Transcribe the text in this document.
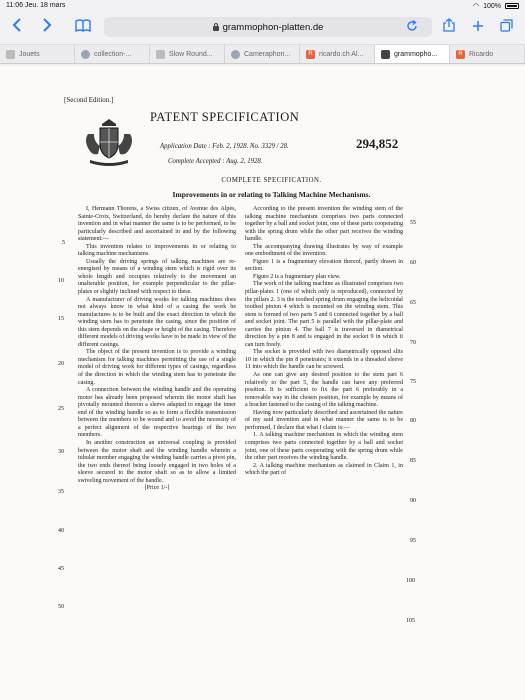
11:06 Jeu. 18 mars	◠ 100%
grammophon-platten.de
Jouets	collection-...	Slow Round...	Cameraphon...	R ricardo.ch Al...	grammopho...	R Ricardo
[Second Edition.]
PATENT SPECIFICATION
Application Date : Feb. 2, 1928. No. 3329 / 28.
Complete Accepted : Aug. 2, 1928.
294,852
COMPLETE SPECIFICATION.
Improvements in or relating to Talking Machine Mechanisms.

I, Hermann Thorens, a Swiss citizen, of Avenue des Alpes, Sainte-Croix, Switzerland, do hereby declare the nature of this invention and in what manner the same is to be performed, to be particularly described and ascertained in and by the following statement:—

This invention relates to improvements in or relating to talking machine mechanisms.

Usually the driving springs of talking machines are re-energised by means of a winding stem which is rigid over its whole length and occupies relatively to the movement an unalterable position, for example perpendicular to the pillar-plates or slightly inclined with respect to these.

A manufacturer of driving works for talking machines does not always know in what kind of a casing the work he manufactures is to be built and the exact direction in which the winding stem has to penetrate the casing, since the position of this stem depends on the shape or height of the casing. Therefore different models of driving works have to be made in view of the different casings.

The object of the present invention is to provide a winding mechanism for talking machines permitting the use of a single model of driving work for different types of casings, regardless of the direction in which the winding stem has to penetrate the casing.

A connection between the winding handle and the operating motor has already been proposed wherein the motor shaft has pivotally mounted thereon a sleeve adapted to engage the inner end of the winding handle so as to form a flexible transmission between the members to be wound and to avoid the necessity of a perfect alignment of the respective bearings of the two members.

In another construction an universal coupling is provided between the motor shaft and the winding handle wherein a tubular member engaging the winding handle carries a pivot pin, the two ends thereof being loosely engaged in two holes of a sleeve secured to the motor shaft so as to allow a limited swiveling movement of the handle.

[Price 1/-]

According to the present invention the winding stem of the talking machine mechanism comprises two parts connected together by a ball and socket joint, one of these parts cooperating with the spring drum while the other part receives the winding handle.

The accompanying drawing illustrates by way of example one embodiment of the invention.

Figure 1 is a fragmentary elevation thereof, partly drawn in section.

Figure 2 is a fragmentary plan view.

The work of the talking machine as illustrated comprises two pillar-plates 1 (one of which only is reproduced), connected by the pillars 2. 3 is the toothed spring drum engaging the helicoidal toothed pinion 4 which is mounted on the winding stem. This stem is formed of two parts 5 and 6 connected together by a ball and socket joint. The part 5 is parallel with the pillar-plate and carries the pinion 4. The ball 7 is traversed in diametrical direction by a pin 8 and is engaged in the socket 9 in which it can turn freely.

The socket is provided with two diametrically opposed slits 10 in which the pin 8 penetrates; it extends in a threaded sleeve 11 into which the handle can be screwed.

As one can give any desired position to the stem part 6 relatively to the part 5, the handle can have any preferred position. It is sufficient to fix the part 6 preferably in a removable way in the chosen position, for example by means of a bracket fastened to the casing of the talking machine.

Having now particularly described and ascertained the nature of my said invention and in what manner the same is to be performed, I declare that what I claim is:—

1. A talking machine mechanism in which the winding stem comprises two parts connected together by a ball and socket joint, one of these parts cooperating with the spring drum while the other part receives the winding handle.

2. A talking machine mechanism as claimed in Claim 1, in which the part of

5
10
15
20
25
30
35
40
45
50
55
60
65
70
75
80
85
90
95
100
105
